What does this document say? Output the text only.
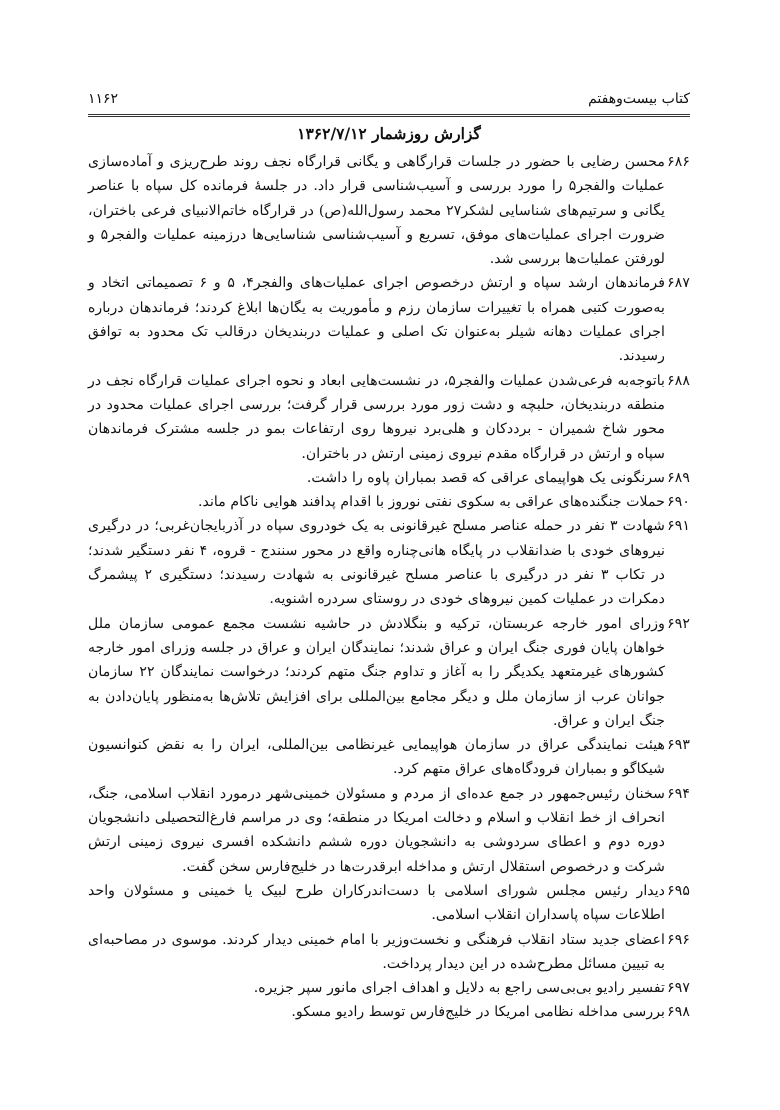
کتاب بیست‌وهفتم
۱۱۶۲
گزارش روزشمار ۱۳۶۲/۷/۱۲
۶۸۶
محسن رضایی با حضور در جلسات قرارگاهی و یگانی قرارگاه نجف روند طرح‌ریزی و آماده‌سازی عملیات والفجر۵ را مورد بررسی و آسیب‌شناسی قرار داد. در جلسهٔ فرمانده کل سپاه با عناصر یگانی و سرتیم‌های شناسایی لشکر۲۷ محمد رسول‌الله(ص) در قرارگاه خاتم‌الانبیای فرعی باختران، ضرورت اجرای عملیات‌های موفق، تسریع و آسیب‌شناسی شناسایی‌ها درزمینه عملیات والفجر۵ و لورفتن عملیات‌ها بررسی شد.
۶۸۷
فرماندهان ارشد سپاه و ارتش درخصوص اجرای عملیات‌های والفجر۴، ۵ و ۶ تصمیماتی اتخاد و به‌صورت کتبی همراه با تغییرات سازمان رزم و مأموریت به یگان‌ها ابلاغ کردند؛ فرماندهان درباره اجرای عملیات دهانه شیلر به‌عنوان تک اصلی و عملیات دربندیخان درقالب تک محدود به توافق رسیدند.
۶۸۸
باتوجه‌به فرعی‌شدن عملیات والفجر۵، در نشست‌هایی ابعاد و نحوه اجرای عملیات قرارگاه نجف در منطقه دربندیخان، حلبچه و دشت زور مورد بررسی قرار گرفت؛ بررسی اجرای عملیات محدود در محور شاخ شمیران - برددکان و هلی‌برد نیروها روی ارتفاعات بمو در جلسه مشترک فرماندهان سپاه و ارتش در قرارگاه مقدم نیروی زمینی ارتش در باختران.
۶۸۹
سرنگونی یک هواپیمای عراقی که قصد بمباران پاوه را داشت.
۶۹۰
حملات جنگنده‌های عراقی به سکوی نفتی نوروز با اقدام پدافند هوایی ناکام ماند.
۶۹۱
شهادت ۳ نفر در حمله عناصر مسلح غیرقانونی به یک خودروی سپاه در آذربایجان‌غربی؛ در درگیری نیروهای خودی با ضدانقلاب در پایگاه هانی‌چناره واقع در محور سنندج - قروه، ۴ نفر دستگیر شدند؛ در تکاب ۳ نفر در درگیری با عناصر مسلح غیرقانونی به شهادت رسیدند؛ دستگیری ۲ پیشمرگ دمکرات در عملیات کمین نیروهای خودی در روستای سردره اشنویه.
۶۹۲
وزرای امور خارجه عربستان، ترکیه و بنگلادش در حاشیه نشست مجمع عمومی سازمان ملل خواهان پایان فوری جنگ ایران و عراق شدند؛ نمایندگان ایران و عراق در جلسه وزرای امور خارجه کشورهای غیرمتعهد یکدیگر را به آغاز و تداوم جنگ متهم کردند؛ درخواست نمایندگان ۲۲ سازمان جوانان عرب از سازمان ملل و دیگر مجامع بین‌المللی برای افزایش تلاش‌ها به‌منظور پایان‌دادن به جنگ ایران و عراق.
۶۹۳
هیئت نمایندگی عراق در سازمان هواپیمایی غیرنظامی بین‌المللی، ایران را به نقض کنوانسیون شیکاگو و بمباران فرودگاه‌های عراق متهم کرد.
۶۹۴
سخنان رئیس‌جمهور در جمع عده‌ای از مردم و مسئولان خمینی‌شهر درمورد انقلاب اسلامی، جنگ، انحراف از خط انقلاب و اسلام و دخالت امریکا در منطقه؛ وی در مراسم فارغ‌التحصیلی دانشجویان دوره دوم و اعطای سردوشی به دانشجویان دوره ششم دانشکده افسری نیروی زمینی ارتش شرکت و درخصوص استقلال ارتش و مداخله ابرقدرت‌ها در خلیج‌فارس سخن گفت.
۶۹۵
دیدار رئیس مجلس شورای اسلامی با دست‌اندرکاران طرح لبیک یا خمینی و مسئولان واحد اطلاعات سپاه پاسداران انقلاب اسلامی.
۶۹۶
اعضای جدید ستاد انقلاب فرهنگی و نخست‌وزیر با امام خمینی دیدار کردند. موسوی در مصاحبه‌ای به تبیین مسائل مطرح‌شده در این دیدار پرداخت.
۶۹۷
تفسیر رادیو بی‌بی‌سی راجع به دلایل و اهداف اجرای مانور سپر جزیره.
۶۹۸
بررسی مداخله نظامی امریکا در خلیج‌فارس توسط رادیو مسکو.
